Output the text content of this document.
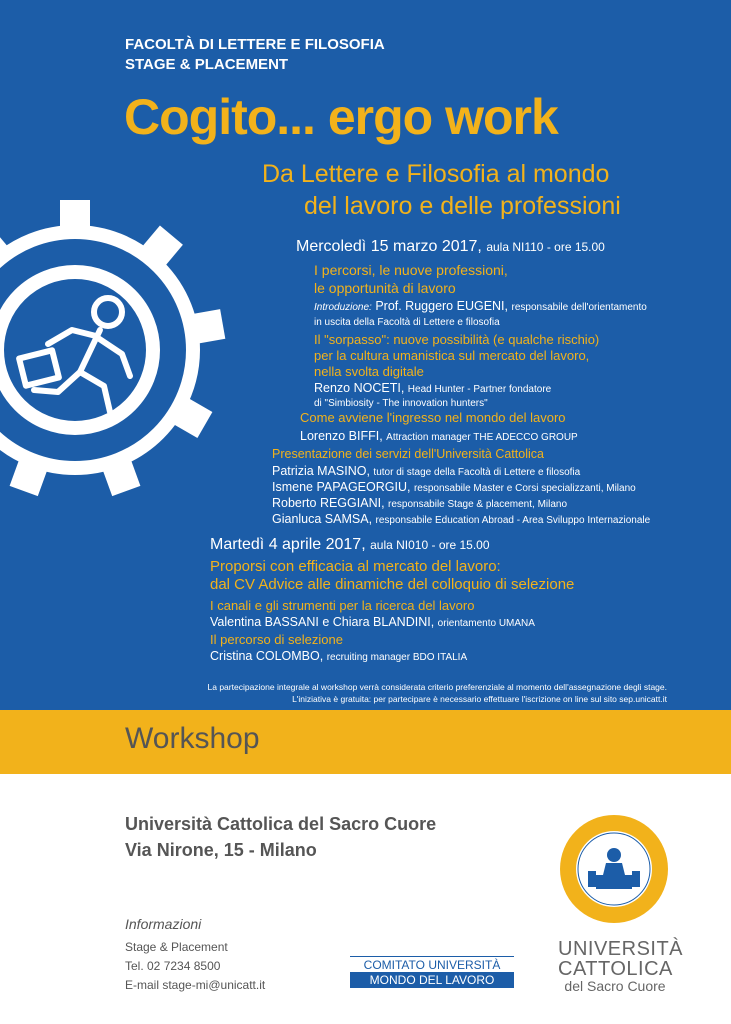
FACOLTÀ DI LETTERE E FILOSOFIA
STAGE & PLACEMENT
Cogito... ergo work
Da Lettere e Filosofia al mondo
del lavoro e delle professioni
Mercoledì 15 marzo 2017, aula NI110 - ore 15.00
I percorsi, le nuove professioni,
le opportunità di lavoro
Introduzione: Prof. Ruggero EUGENI, responsabile dell'orientamento
in uscita della Facoltà di Lettere e filosofia
Il "sorpasso": nuove possibilità (e qualche rischio)
per la cultura umanistica sul mercato del lavoro,
nella svolta digitale
Renzo NOCETI, Head Hunter - Partner fondatore
di "Simbiosity - The innovation hunters"
Come avviene l'ingresso nel mondo del lavoro
Lorenzo BIFFI, Attraction manager THE ADECCO GROUP
Presentazione dei servizi dell'Università Cattolica
Patrizia MASINO, tutor di stage della Facoltà di Lettere e filosofia
Ismene PAPAGEORGIU, responsabile Master e Corsi specializzanti, Milano
Roberto REGGIANI, responsabile Stage & placement, Milano
Gianluca SAMSA, responsabile Education Abroad - Area Sviluppo Internazionale
Martedì 4 aprile 2017, aula NI010 - ore 15.00
Proporsi con efficacia al mercato del lavoro:
dal CV Advice alle dinamiche del colloquio di selezione
I canali e gli strumenti per la ricerca del lavoro
Valentina BASSANI e Chiara BLANDINI, orientamento UMANA
Il percorso di selezione
Cristina COLOMBO, recruiting manager BDO ITALIA
La partecipazione integrale al workshop verrà considerata criterio preferenziale al momento dell'assegnazione degli stage.
L'iniziativa è gratuita: per partecipare è necessario effettuare l'iscrizione on line sul sito sep.unicatt.it
Workshop
Università Cattolica del Sacro Cuore
Via Nirone, 15 - Milano
Informazioni
Stage & Placement
Tel. 02 7234 8500
E-mail stage-mi@unicatt.it
COMITATO UNIVERSITÀ
MONDO DEL LAVORO
UNIVERSITÀ
CATTOLICA
del Sacro Cuore
